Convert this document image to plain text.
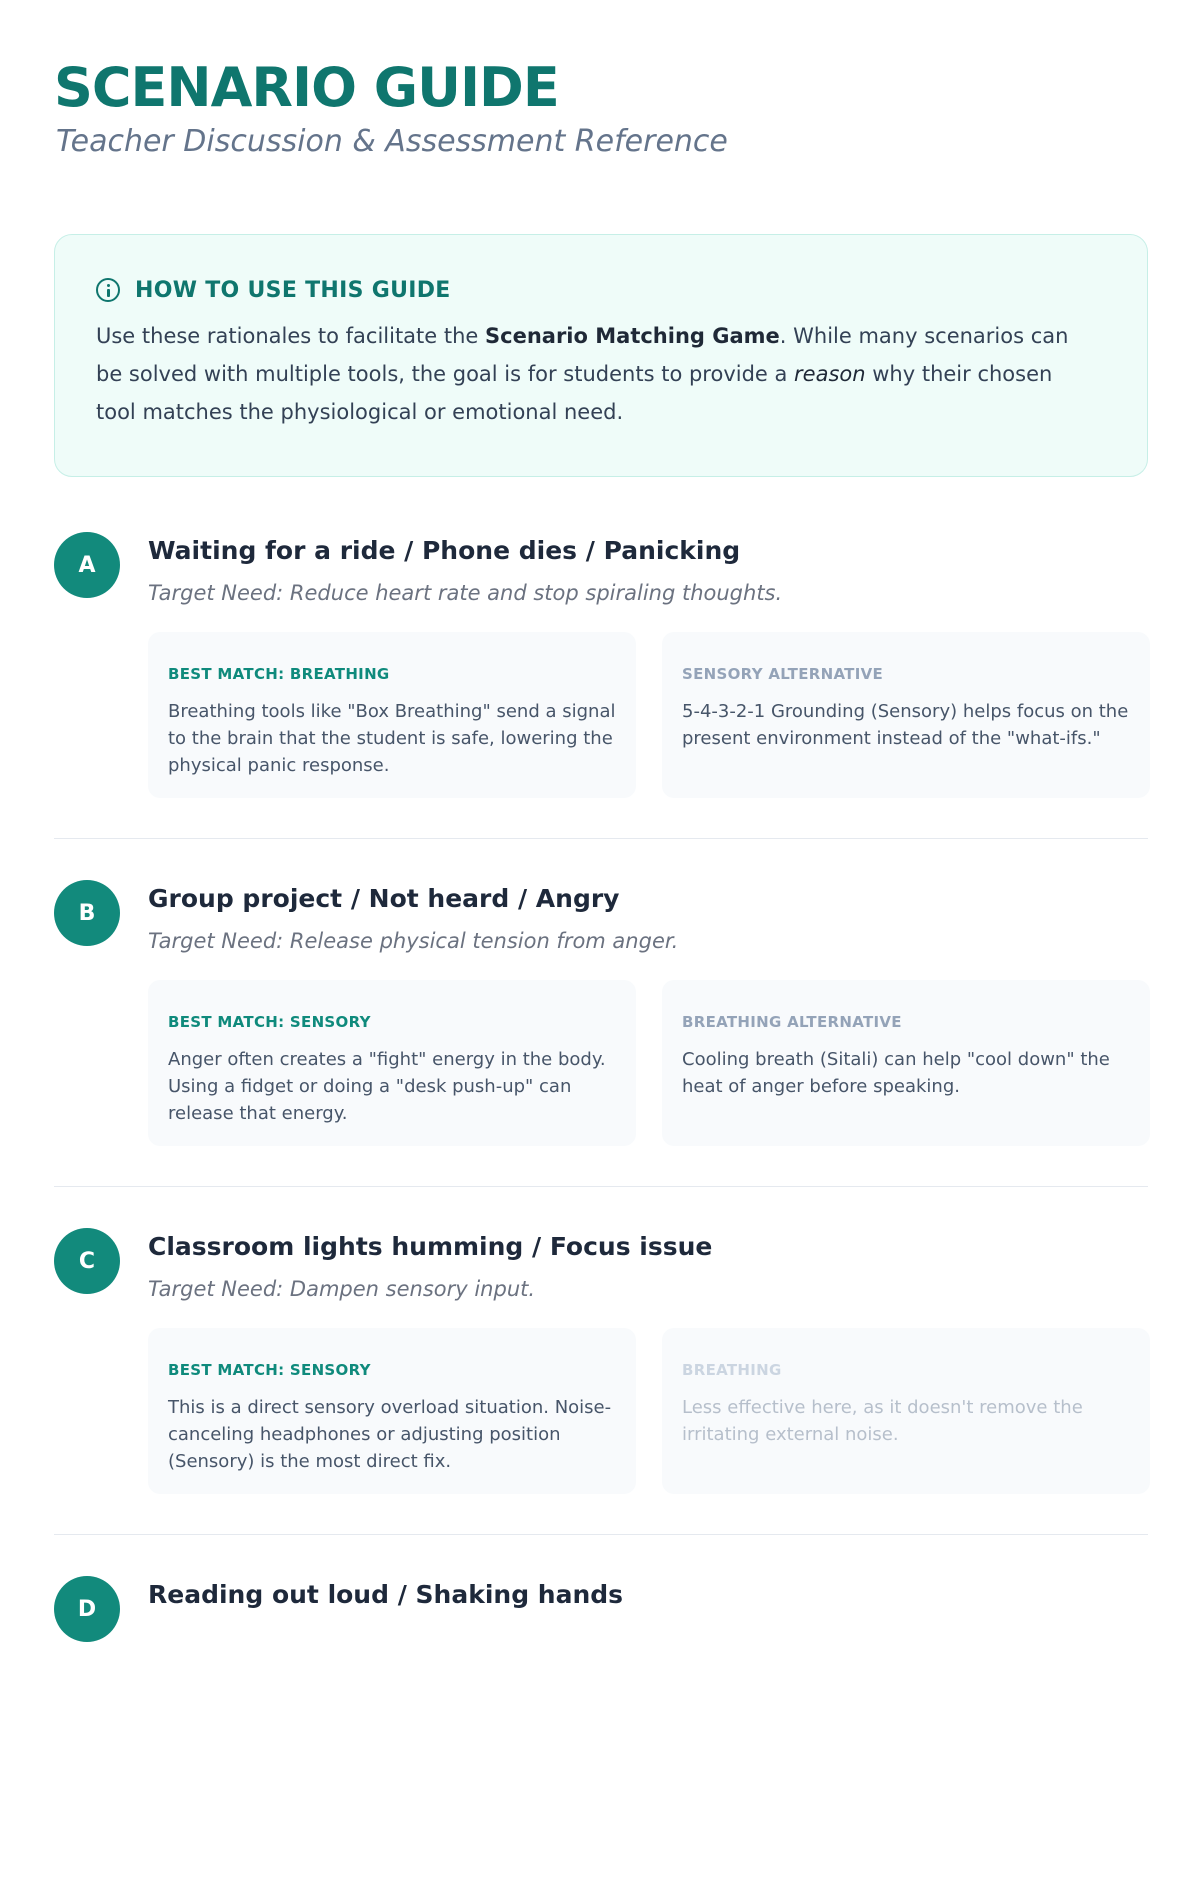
SCENARIO GUIDE
Teacher Discussion & Assessment Reference
HOW TO USE THIS GUIDE

Use these rationales to facilitate the Scenario Matching Game. While many scenarios can be solved with multiple tools, the goal is for students to provide a reason why their chosen tool matches the physiological or emotional need.

A	Waiting for a ride / Phone dies / Panicking

Target Need: Reduce heart rate and stop spiraling thoughts.

BEST MATCH: BREATHING

Breathing tools like "Box Breathing" send a signal to the brain that the student is safe, lowering the physical panic response.

SENSORY ALTERNATIVE

5-4-3-2-1 Grounding (Sensory) helps focus on the present environment instead of the "what-ifs."

B	Group project / Not heard / Angry

Target Need: Release physical tension from anger.

BEST MATCH: SENSORY

Anger often creates a "fight" energy in the body. Using a fidget or doing a "desk push-up" can release that energy.

BREATHING ALTERNATIVE

Cooling breath (Sitali) can help "cool down" the heat of anger before speaking.

C	Classroom lights humming / Focus issue

Target Need: Dampen sensory input.

BEST MATCH: SENSORY

This is a direct sensory overload situation. Noise-canceling headphones or adjusting position (Sensory) is the most direct fix.

BREATHING

Less effective here, as it doesn't remove the irritating external noise.

D	Reading out loud / Shaking hands
